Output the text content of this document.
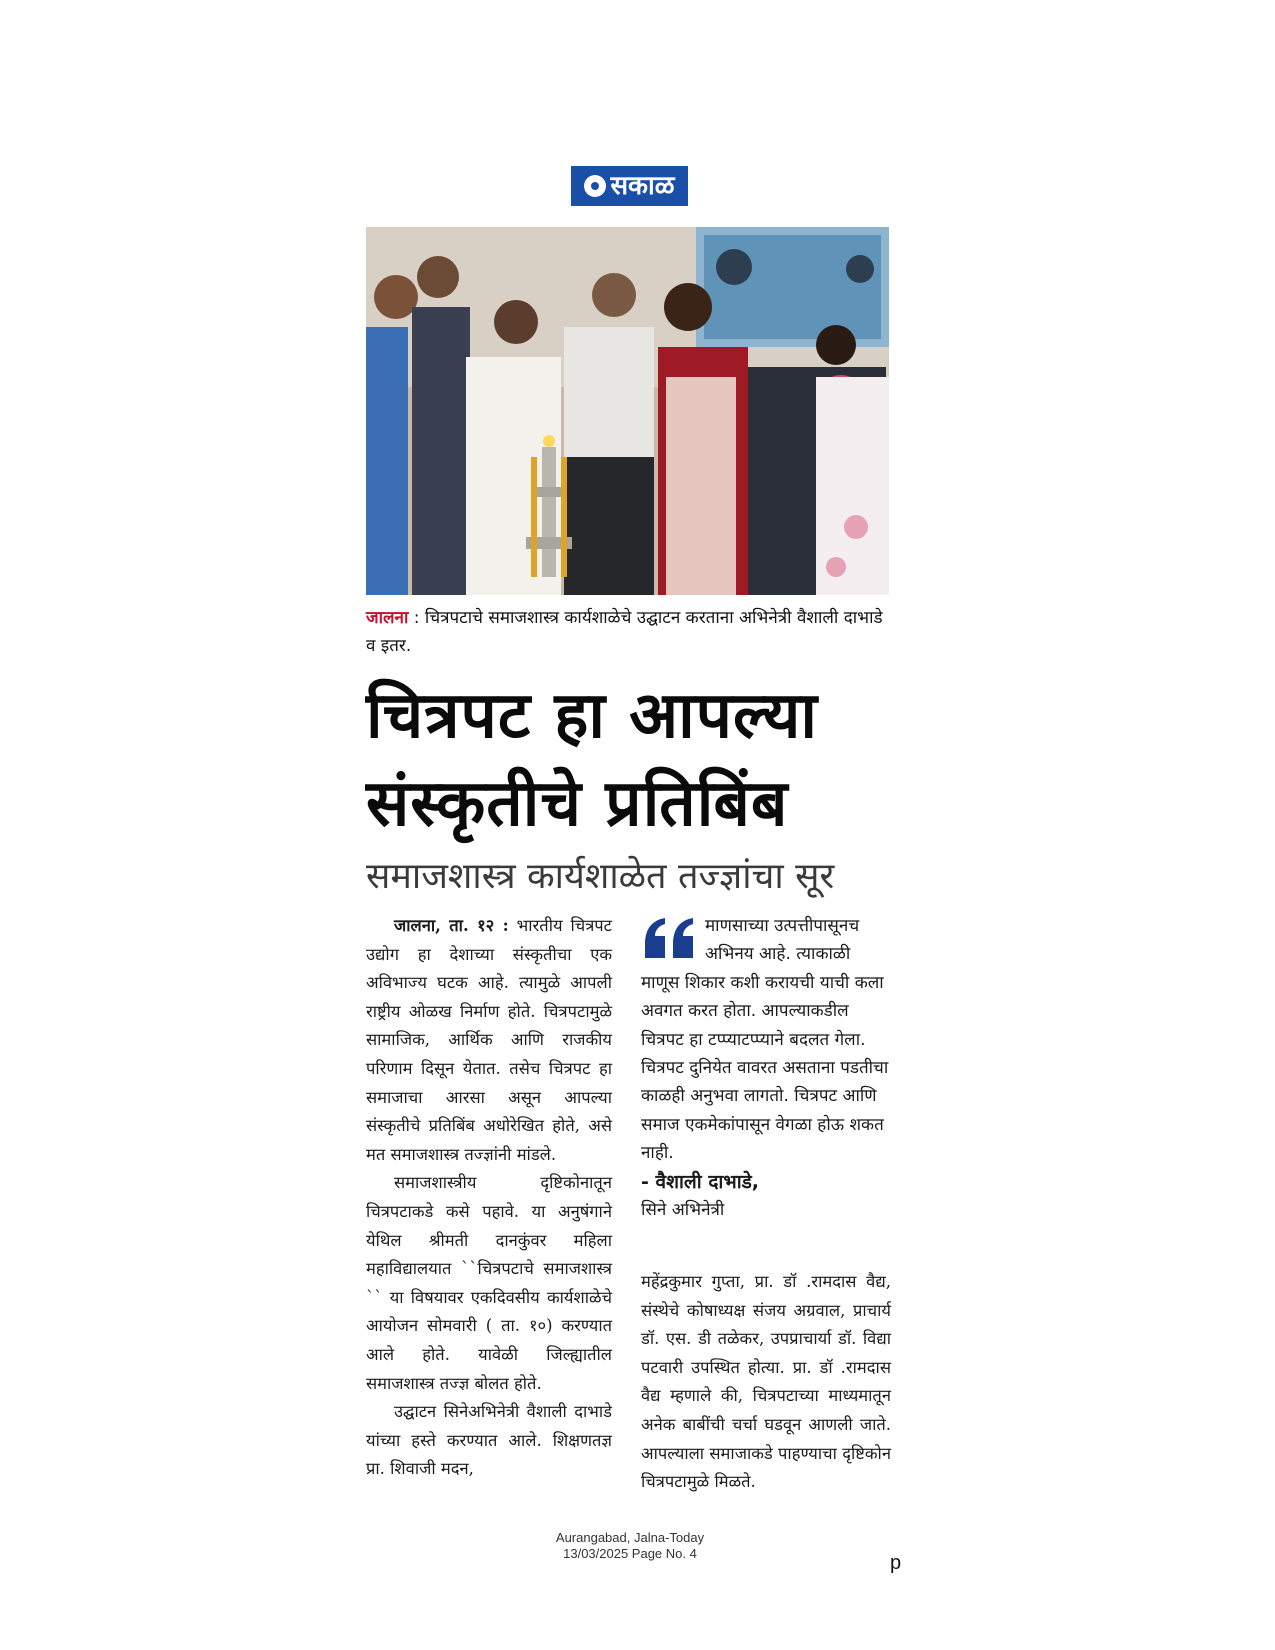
सकाळ
जालना : चित्रपटाचे समाजशास्त्र कार्यशाळेचे उद्घाटन करताना अभिनेत्री वैशाली दाभाडे व इतर.
चित्रपट हा आपल्या
संस्कृतीचे प्रतिबिंब
समाजशास्त्र कार्यशाळेत तज्ज्ञांचा सूर

जालना, ता. १२ : भारतीय चित्रपट उद्योग हा देशाच्या संस्कृतीचा एक अविभाज्य घटक आहे. त्यामुळे आपली राष्ट्रीय ओळख निर्माण होते. चित्रपटामुळे सामाजिक, आर्थिक आणि राजकीय परिणाम दिसून येतात. तसेच चित्रपट हा समाजाचा आरसा असून आपल्या संस्कृतीचे प्रतिबिंब अधोरेखित होते, असे मत समाजशास्त्र तज्ज्ञांनी मांडले.

समाजशास्त्रीय दृष्टिकोनातून चित्रपटाकडे कसे पहावे. या अनुषंगाने येथिल श्रीमती दानकुंवर महिला महाविद्यालयात ``चित्रपटाचे समाजशास्त्र `` या विषयावर एकदिवसीय कार्यशाळेचे आयोजन सोमवारी ( ता. १०) करण्यात आले होते. यावेळी जिल्ह्यातील समाजशास्त्र तज्ज्ञ बोलत होते.

उद्घाटन सिनेअभिनेत्री वैशाली दाभाडे यांच्या हस्ते करण्यात आले. शिक्षणतज्ञ प्रा. शिवाजी मदन,

माणसाच्या उत्पत्तीपासूनच अभिनय आहे. त्याकाळी माणूस शिकार कशी करायची याची कला अवगत करत होता. आपल्याकडील चित्रपट हा टप्प्याटप्प्याने बदलत गेला. चित्रपट दुनियेत वावरत असताना पडतीचा काळही अनुभवा लागतो. चित्रपट आणि समाज एकमेकांपासून वेगळा होऊ शकत नाही.
- वैशाली दाभाडे,
सिने अभिनेत्री

महेंद्रकुमार गुप्ता, प्रा. डॉ .रामदास वैद्य, संस्थेचे कोषाध्यक्ष संजय अग्रवाल, प्राचार्य डॉ. एस. डी तळेकर, उपप्राचार्या डॉ. विद्या पटवारी उपस्थित होत्या. प्रा. डॉ .रामदास वैद्य म्हणाले की, चित्रपटाच्या माध्यमातून अनेक बाबींची चर्चा घडवून आणली जाते. आपल्याला समाजाकडे पाहण्याचा दृष्टिकोन चित्रपटामुळे मिळते.

Aurangabad, Jalna-Today
13/03/2025 Page No. 4	p
